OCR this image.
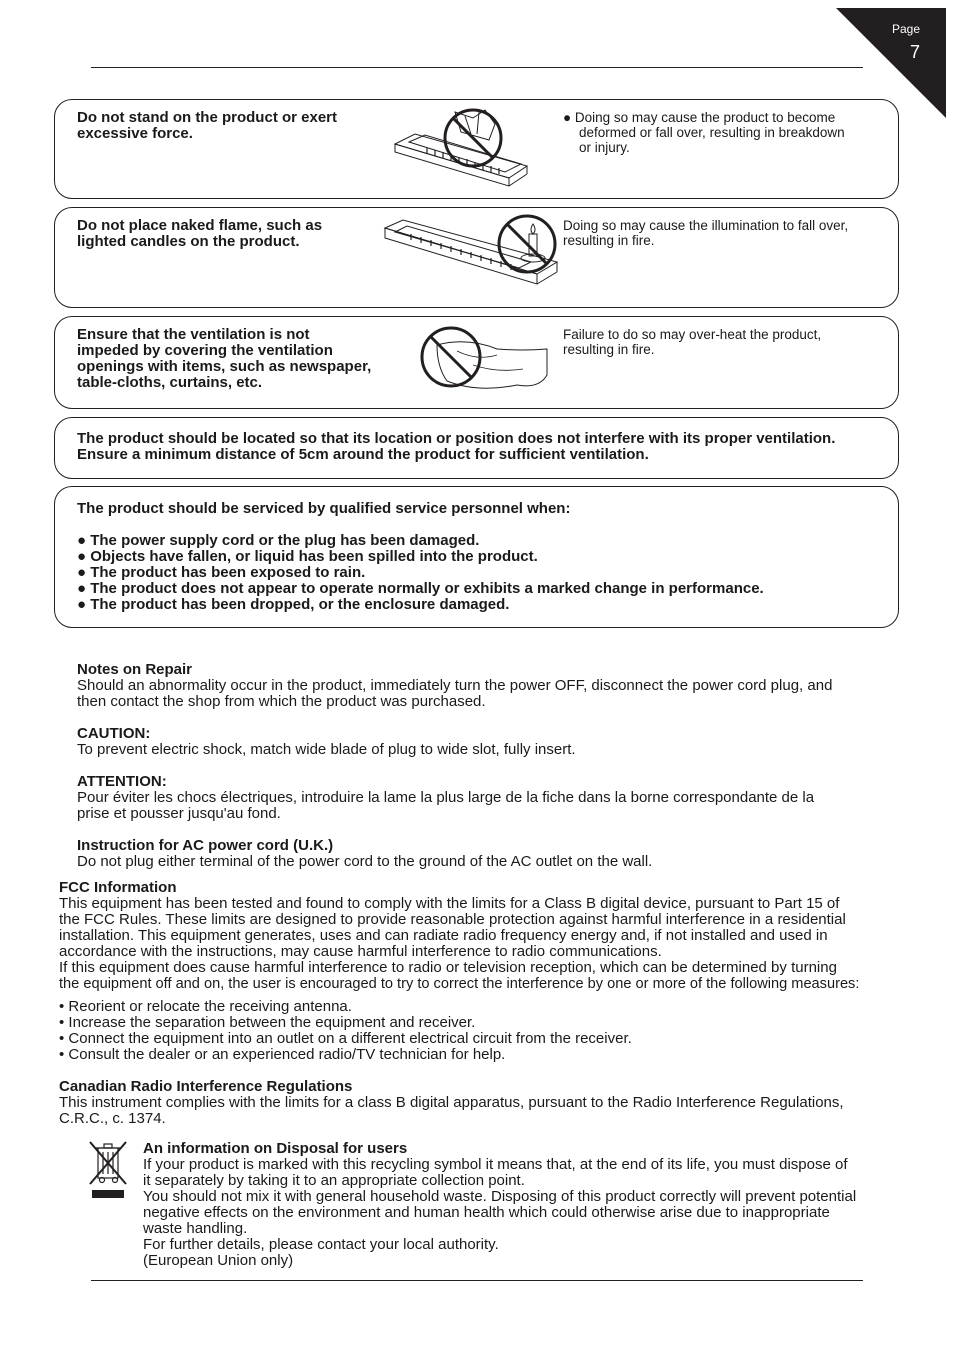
Page
7
Do not stand on the product or exert
excessive force.
● Doing so may cause the product to become
deformed or fall over, resulting in breakdown
or injury.
Do not place naked flame, such as
lighted candles on the product.
Doing so may cause the illumination to fall over,
resulting in fire.
Ensure that the ventilation is not
impeded by covering the ventilation
openings with items, such as newspaper,
table-cloths, curtains, etc.
Failure to do so may over-heat the product,
resulting in fire.
The product should be located so that its location or position does not interfere with its proper ventilation.
Ensure a minimum distance of 5cm around the product for sufficient ventilation.
The product should be serviced by qualified service personnel when:
● The power supply cord or the plug has been damaged.
● Objects have fallen, or liquid has been spilled into the product.
● The product has been exposed to rain.
● The product does not appear to operate normally or exhibits a marked change in performance.
● The product has been dropped, or the enclosure damaged.
Notes on Repair
Should an abnormality occur in the product, immediately turn the power OFF, disconnect the power cord plug, and
then contact the shop from which the product was purchased.
CAUTION:
To prevent electric shock, match wide blade of plug to wide slot, fully insert.
ATTENTION:
Pour éviter les chocs électriques, introduire la lame la plus large de la fiche dans la borne correspondante de la
prise et pousser jusqu'au fond.
Instruction for AC power cord (U.K.)
Do not plug either terminal of the power cord to the ground of the AC outlet on the wall.
FCC Information
This equipment has been tested and found to comply with the limits for a Class B digital device, pursuant to Part 15 of
the FCC Rules. These limits are designed to provide reasonable protection against harmful interference in a residential
installation. This equipment generates, uses and can radiate radio frequency energy and, if not installed and used in
accordance with the instructions, may cause harmful interference to radio communications.
If this equipment does cause harmful interference to radio or television reception, which can be determined by turning
the equipment off and on, the user is encouraged to try to correct the interference by one or more of the following measures:
• Reorient or relocate the receiving antenna.
• Increase the separation between the equipment and receiver.
• Connect the equipment into an outlet on a different electrical circuit from the receiver.
• Consult the dealer or an experienced radio/TV technician for help.
Canadian Radio Interference Regulations
This instrument complies with the limits for a class B digital apparatus, pursuant to the Radio Interference Regulations,
C.R.C., c. 1374.
An information on Disposal for users
If your product is marked with this recycling symbol it means that, at the end of its life, you must dispose of
it separately by taking it to an appropriate collection point.
You should not mix it with general household waste. Disposing of this product correctly will prevent potential
negative effects on the environment and human health which could otherwise arise due to inappropriate
waste handling.
For further details, please contact your local authority.
(European Union only)
